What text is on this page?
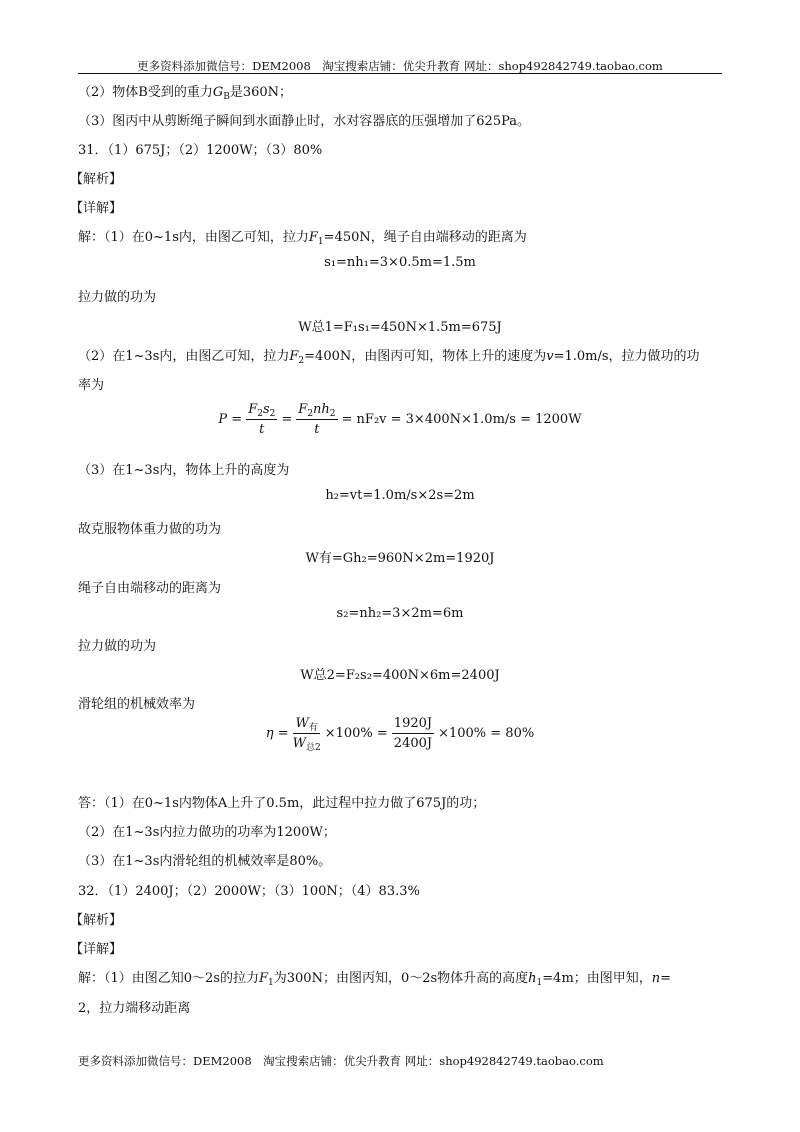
更多资料添加微信号：DEM2008　淘宝搜索店铺：优尖升教育 网址：shop492842749.taobao.com
（2）物体B受到的重力$G_B$是360N；
（3）图丙中从剪断绳子瞬间到水面静止时，水对容器底的压强增加了625Pa。
31．（1）675J；（2）1200W；（3）80%
【解析】
【详解】
解：（1）在0~1s内，由图乙可知，拉力$F_1=450N$，绳子自由端移动的距离为
s₁=nh₁=3×0.5m=1.5m
拉力做的功为
W总1=F₁s₁=450N×1.5m=675J
（2）在1~3s内，由图乙可知，拉力$F_2=400N$，由图丙可知，物体上升的速度为v=1.0m/s，拉力做功的功
率为
$P = \frac{F_2s_2}{t} = \frac{F_2nh_2}{t} = nF_2v = 3\times 400N\times 1.0m/s = 1200W$
（3）在1~3s内，物体上升的高度为
h₂=vt=1.0m/s×2s=2m
故克服物体重力做的功为
W有=Gh₂=960N×2m=1920J
绳子自由端移动的距离为
s₂=nh₂=3×2m=6m
拉力做的功为
W总2=F₂s₂=400N×6m=2400J
滑轮组的机械效率为
$\eta = \frac{W_有}{W_{总2}} \times 100\% = \frac{1920J}{2400J} \times 100\% = 80\%$
答：（1）在0~1s内物体A上升了0.5m，此过程中拉力做了675J的功；
（2）在1~3s内拉力做功的功率为1200W；
（3）在1~3s内滑轮组的机械效率是80%。
32．（1）2400J；（2）2000W；（3）100N；（4）83.3%
【解析】
【详解】
解：（1）由图乙知0～2s的拉力$F_1$为300N；由图丙知，0～2s物体升高的高度$h_1=4m$；由图甲知，n=
2，拉力端移动距离
更多资料添加微信号：DEM2008　淘宝搜索店铺：优尖升教育 网址：shop492842749.taobao.com
